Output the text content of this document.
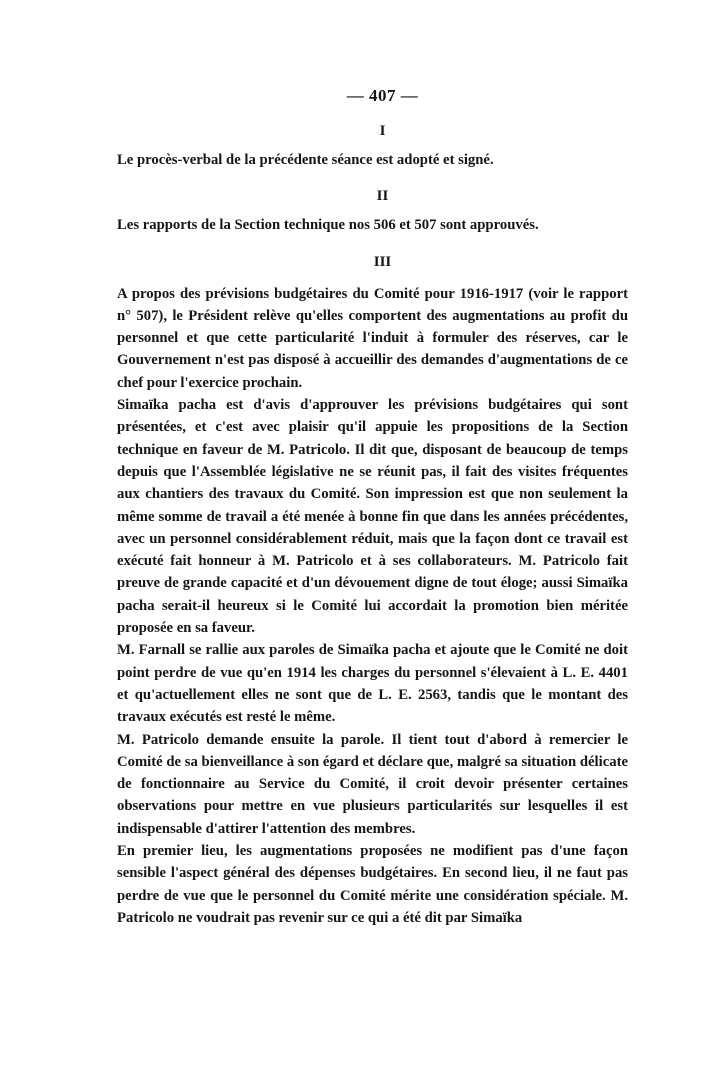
— 407 —
I

Le procès-verbal de la précédente séance est adopté et signé.

II

Les rapports de la Section technique nos 506 et 507 sont approuvés.

III

A propos des prévisions budgétaires du Comité pour 1916-1917 (voir le rapport n° 507), le Président relève qu'elles comportent des augmentations au profit du personnel et que cette particularité l'induit à formuler des réserves, car le Gouvernement n'est pas disposé à accueillir des demandes d'augmentations de ce chef pour l'exercice prochain.

Simaïka pacha est d'avis d'approuver les prévisions budgétaires qui sont présentées, et c'est avec plaisir qu'il appuie les propositions de la Section technique en faveur de M. Patricolo. Il dit que, disposant de beaucoup de temps depuis que l'Assemblée législative ne se réunit pas, il fait des visites fréquentes aux chantiers des travaux du Comité. Son impression est que non seulement la même somme de travail a été menée à bonne fin que dans les années précédentes, avec un personnel considérablement réduit, mais que la façon dont ce travail est exécuté fait honneur à M. Patricolo et à ses collaborateurs. M. Patricolo fait preuve de grande capacité et d'un dévouement digne de tout éloge; aussi Simaïka pacha serait-il heureux si le Comité lui accordait la promotion bien méritée proposée en sa faveur.

M. Farnall se rallie aux paroles de Simaïka pacha et ajoute que le Comité ne doit point perdre de vue qu'en 1914 les charges du personnel s'élevaient à L. E. 4401 et qu'actuellement elles ne sont que de L. E. 2563, tandis que le montant des travaux exécutés est resté le même.

M. Patricolo demande ensuite la parole. Il tient tout d'abord à remercier le Comité de sa bienveillance à son égard et déclare que, malgré sa situation délicate de fonctionnaire au Service du Comité, il croit devoir présenter certaines observations pour mettre en vue plusieurs particularités sur lesquelles il est indispensable d'attirer l'attention des membres.

En premier lieu, les augmentations proposées ne modifient pas d'une façon sensible l'aspect général des dépenses budgétaires. En second lieu, il ne faut pas perdre de vue que le personnel du Comité mérite une considération spéciale. M. Patricolo ne voudrait pas revenir sur ce qui a été dit par Simaïka
